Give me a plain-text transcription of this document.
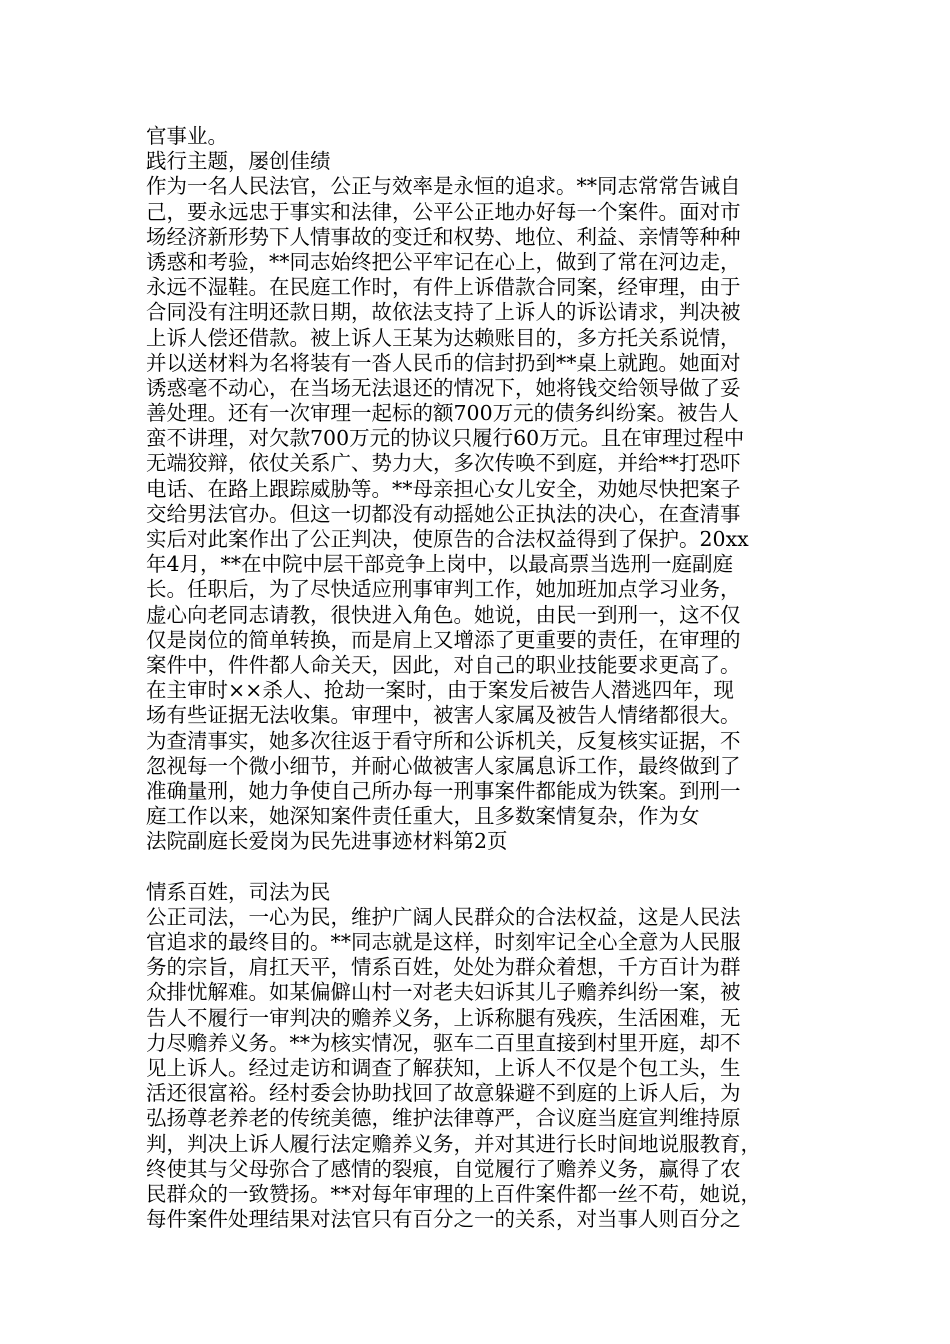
官事业。
践行主题，屡创佳绩
作为一名人民法官，公正与效率是永恒的追求。**同志常常告诫自
己，要永远忠于事实和法律，公平公正地办好每一个案件。面对市
场经济新形势下人情事故的变迁和权势、地位、利益、亲情等种种
诱惑和考验，**同志始终把公平牢记在心上，做到了常在河边走，
永远不湿鞋。在民庭工作时，有件上诉借款合同案，经审理，由于
合同没有注明还款日期，故依法支持了上诉人的诉讼请求，判决被
上诉人偿还借款。被上诉人王某为达赖账目的，多方托关系说情，
并以送材料为名将装有一沓人民币的信封扔到**桌上就跑。她面对
诱惑毫不动心，在当场无法退还的情况下，她将钱交给领导做了妥
善处理。还有一次审理一起标的额700万元的债务纠纷案。被告人
蛮不讲理，对欠款700万元的协议只履行60万元。且在审理过程中
无端狡辩，依仗关系广、势力大，多次传唤不到庭，并给**打恐吓
电话、在路上跟踪威胁等。**母亲担心女儿安全，劝她尽快把案子
交给男法官办。但这一切都没有动摇她公正执法的决心，在查清事
实后对此案作出了公正判决，使原告的合法权益得到了保护。20xx
年4月，**在中院中层干部竞争上岗中，以最高票当选刑一庭副庭
长。任职后，为了尽快适应刑事审判工作，她加班加点学习业务，
虚心向老同志请教，很快进入角色。她说，由民一到刑一，这不仅
仅是岗位的简单转换，而是肩上又增添了更重要的责任，在审理的
案件中，件件都人命关天，因此，对自己的职业技能要求更高了。
在主审时××杀人、抢劫一案时，由于案发后被告人潜逃四年，现
场有些证据无法收集。审理中，被害人家属及被告人情绪都很大。
为查清事实，她多次往返于看守所和公诉机关，反复核实证据，不
忽视每一个微小细节，并耐心做被害人家属息诉工作，最终做到了
准确量刑，她力争使自己所办每一刑事案件都能成为铁案。到刑一
庭工作以来，她深知案件责任重大，且多数案情复杂，作为女
法院副庭长爱岗为民先进事迹材料第2页
情系百姓，司法为民
公正司法，一心为民，维护广阔人民群众的合法权益，这是人民法
官追求的最终目的。**同志就是这样，时刻牢记全心全意为人民服
务的宗旨，肩扛天平，情系百姓，处处为群众着想，千方百计为群
众排忧解难。如某偏僻山村一对老夫妇诉其儿子赡养纠纷一案，被
告人不履行一审判决的赡养义务，上诉称腿有残疾，生活困难，无
力尽赡养义务。**为核实情况，驱车二百里直接到村里开庭，却不
见上诉人。经过走访和调查了解获知，上诉人不仅是个包工头，生
活还很富裕。经村委会协助找回了故意躲避不到庭的上诉人后，为
弘扬尊老养老的传统美德，维护法律尊严，合议庭当庭宣判维持原
判，判决上诉人履行法定赡养义务，并对其进行长时间地说服教育，
终使其与父母弥合了感情的裂痕，自觉履行了赡养义务，赢得了农
民群众的一致赞扬。**对每年审理的上百件案件都一丝不苟，她说，
每件案件处理结果对法官只有百分之一的关系，对当事人则百分之
